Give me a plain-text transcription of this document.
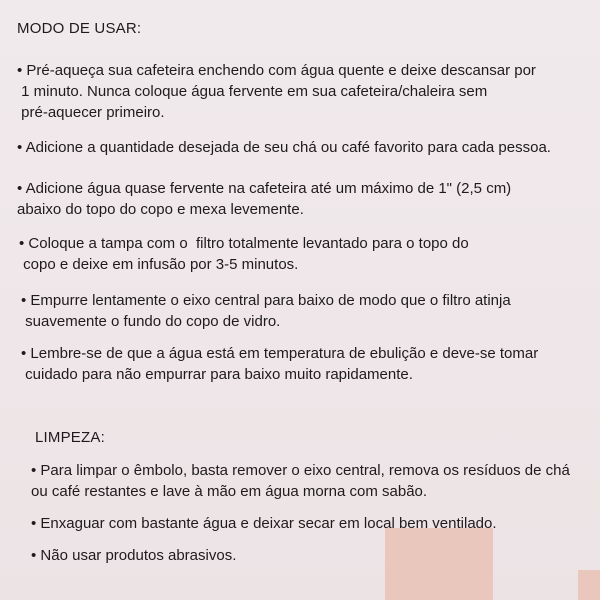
MODO DE USAR:

• Pré-aqueça sua cafeteira enchendo com água quente e deixe descansar por
1 minuto. Nunca coloque água fervente em sua cafeteira/chaleira sem
pré-aquecer primeiro.

• Adicione a quantidade desejada de seu chá ou café favorito para cada pessoa.

• Adicione água quase fervente na cafeteira até um máximo de 1" (2,5 cm)
abaixo do topo do copo e mexa levemente.

• Coloque a tampa com o  filtro totalmente levantado para o topo do
copo e deixe em infusão por 3-5 minutos.

• Empurre lentamente o eixo central para baixo de modo que o filtro atinja
suavemente o fundo do copo de vidro.

• Lembre-se de que a água está em temperatura de ebulição e deve-se tomar
cuidado para não empurrar para baixo muito rapidamente.

LIMPEZA:

• Para limpar o êmbolo, basta remover o eixo central, remova os resíduos de chá
ou café restantes e lave à mão em água morna com sabão.

• Enxaguar com bastante água e deixar secar em local bem ventilado.

• Não usar produtos abrasivos.
